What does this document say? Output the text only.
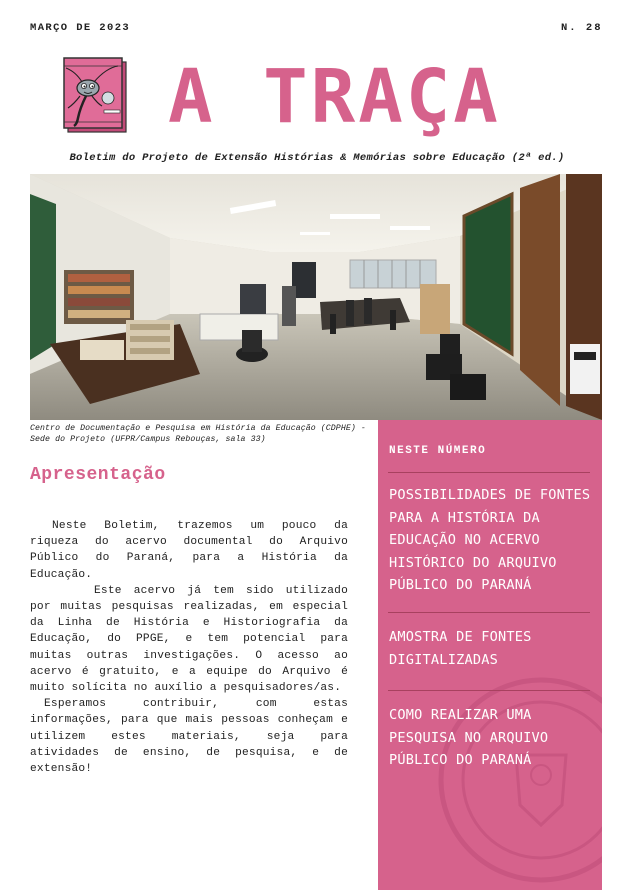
MARÇO DE 2023	N. 28
A TRAÇA
Boletim do Projeto de Extensão Histórias & Memórias sobre Educação (2ª ed.)
Centro de Documentação e Pesquisa em História da Educação (CDPHE) - Sede do Projeto (UFPR/Campus Rebouças, sala 33)
Apresentação

Neste Boletim, trazemos um pouco da riqueza do acervo documental do Arquivo Público do Paraná, para a História da Educação.

Este acervo já tem sido utilizado por muitas pesquisas realizadas, em especial da Linha de História e Historiografia da Educação, do PPGE, e tem potencial para muitas outras investigações. O acesso ao acervo é gratuito, e a equipe do Arquivo é muito solícita no auxílio a pesquisadores/as.

Esperamos contribuir, com estas informações, para que mais pessoas conheçam e utilizem estes materiais, seja para atividades de ensino, de pesquisa, e de extensão!

NESTE NÚMERO
POSSIBILIDADES DE FONTES PARA A HISTÓRIA DA EDUCAÇÃO NO ACERVO HISTÓRICO DO ARQUIVO PÚBLICO DO PARANÁ
AMOSTRA DE FONTES DIGITALIZADAS
COMO REALIZAR UMA PESQUISA NO ARQUIVO PÚBLICO DO PARANÁ
